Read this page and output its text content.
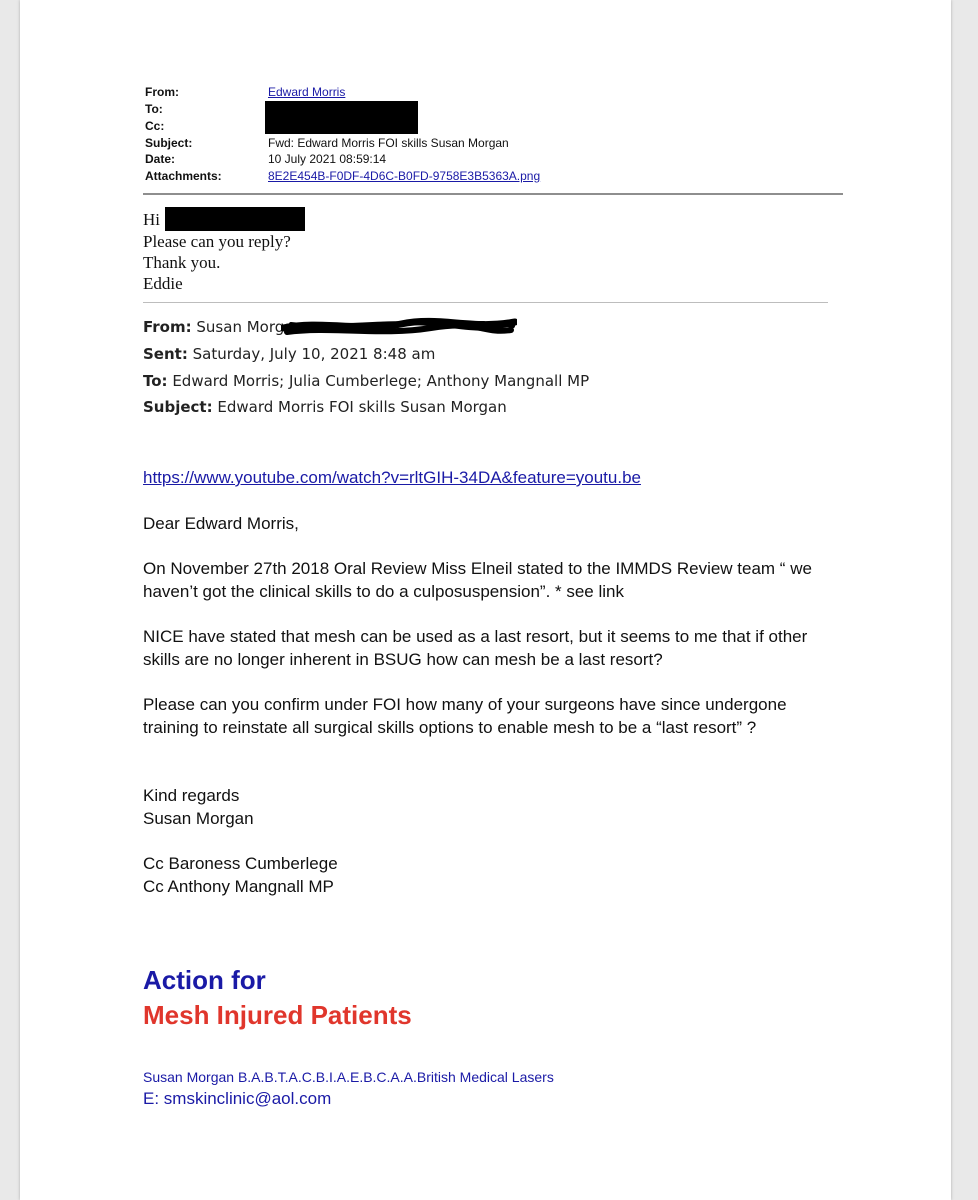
From:	Edward Morris
To:
Cc:
Subject:	Fwd: Edward Morris FOI skills Susan Morgan
Date:	10 July 2021 08:59:14
Attachments:	8E2E454B-F0DF-4D6C-B0FD-9758E3B5363A.png
Hi
Please can you reply?
Thank you.
Eddie
From: Susan Morgan
Sent: Saturday, July 10, 2021 8:48 am
To: Edward Morris; Julia Cumberlege; Anthony Mangnall MP
Subject: Edward Morris FOI skills Susan Morgan
https://www.youtube.com/watch?v=rltGIH-34DA&feature=youtu.be
Dear Edward Morris,
On November 27th 2018 Oral Review Miss Elneil stated to the IMMDS Review team “ we haven’t got the clinical skills to do a culposuspension”. * see link
NICE have stated that mesh can be used as a last resort, but it seems to me that if other skills are no longer inherent in BSUG how can mesh be a last resort?
Please can you confirm under FOI how many of your surgeons have since undergone training to reinstate all surgical skills options to enable mesh to be a “last resort” ?
Kind regards
Susan Morgan
Cc Baroness Cumberlege
Cc Anthony Mangnall MP
Action for
Mesh Injured Patients
Susan Morgan B.A.B.T.A.C.B.I.A.E.B.C.A.A.British Medical Lasers
E: smskinclinic@aol.com
